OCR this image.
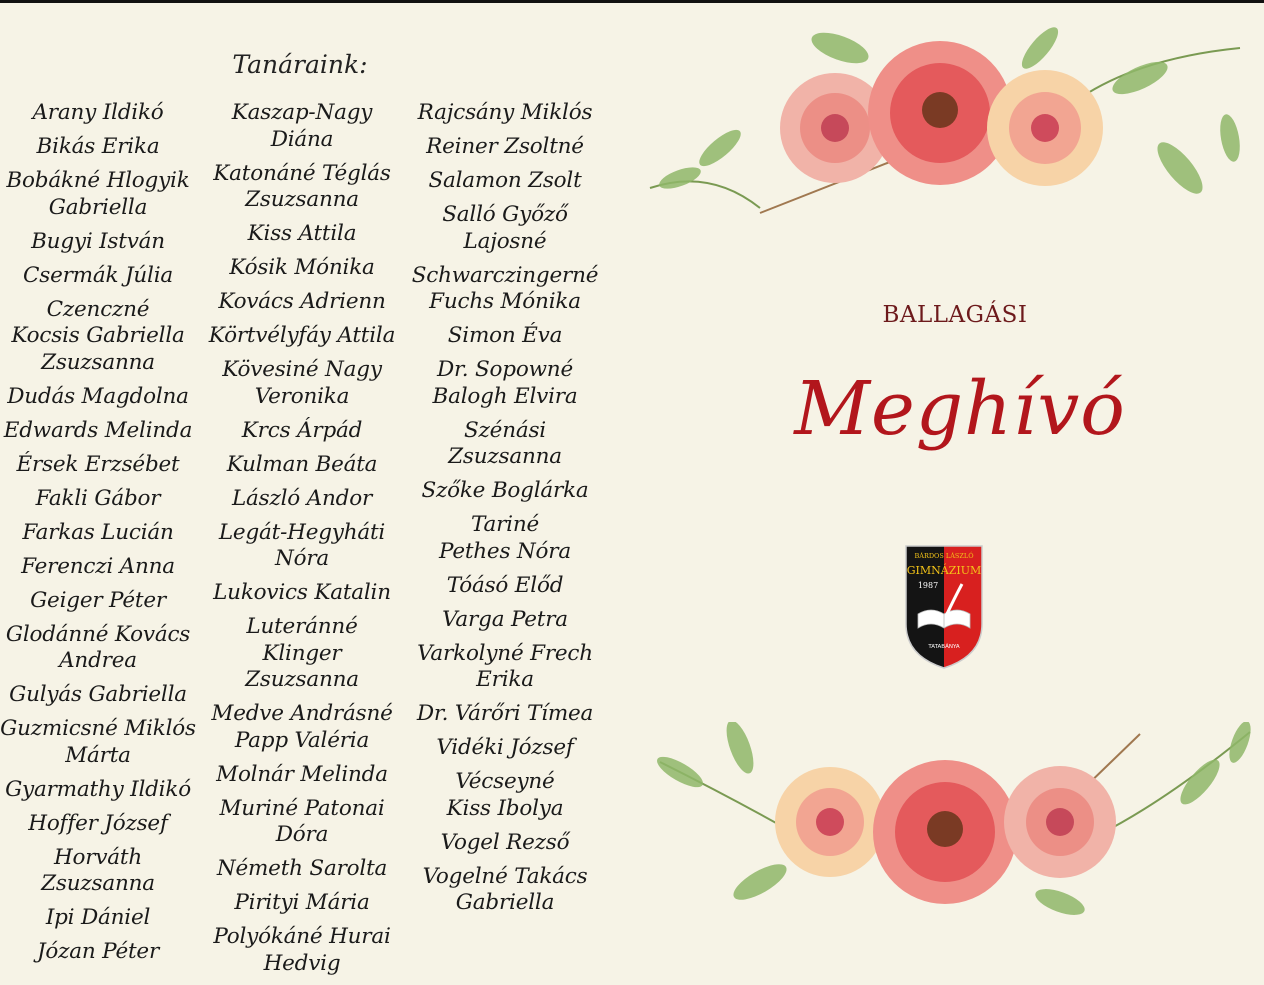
Tanáraink:
Arany Ildikó
Bikás Erika
Bobákné Hlogyik
Gabriella
Bugyi István
Csermák Júlia
Czenczné
Kocsis Gabriella
Zsuzsanna
Dudás Magdolna
Edwards Melinda
Érsek Erzsébet
Fakli Gábor
Farkas Lucián
Ferenczi Anna
Geiger Péter
Glodánné Kovács
Andrea
Gulyás Gabriella
Guzmicsné Miklós
Márta
Gyarmathy Ildikó
Hoffer József
Horváth Zsuzsanna
Ipi Dániel
Józan Péter
Kaszap-Nagy Diána
Katonáné Téglás
Zsuzsanna
Kiss Attila
Kósik Mónika
Kovács Adrienn
Körtvélyfáy Attila
Kövesiné Nagy
Veronika
Krcs Árpád
Kulman Beáta
László Andor
Legát-Hegyháti
Nóra
Lukovics Katalin
Luteránné Klinger
Zsuzsanna
Medve Andrásné
Papp Valéria
Molnár Melinda
Muriné Patonai
Dóra
Németh Sarolta
Pirityi Mária
Polyókáné Hurai
Hedvig
Rajcsány Miklós
Reiner Zsoltné
Salamon Zsolt
Salló Győző
Lajosné
Schwarczingerné
Fuchs Mónika
Simon Éva
Dr. Sopowné
Balogh Elvira
Szénási Zsuzsanna
Szőke Boglárka
Tariné
Pethes Nóra
Tóásó Előd
Varga Petra
Varkolyné Frech
Erika
Dr. Várőri Tímea
Vidéki József
Vécseyné
Kiss Ibolya
Vogel Rezső
Vogelné Takács
Gabriella
BALLAGÁSI
Meghívó
BÁRDOS LÁSZLÓ
GIMNÁZIUM
1987
TATABÁNYA
